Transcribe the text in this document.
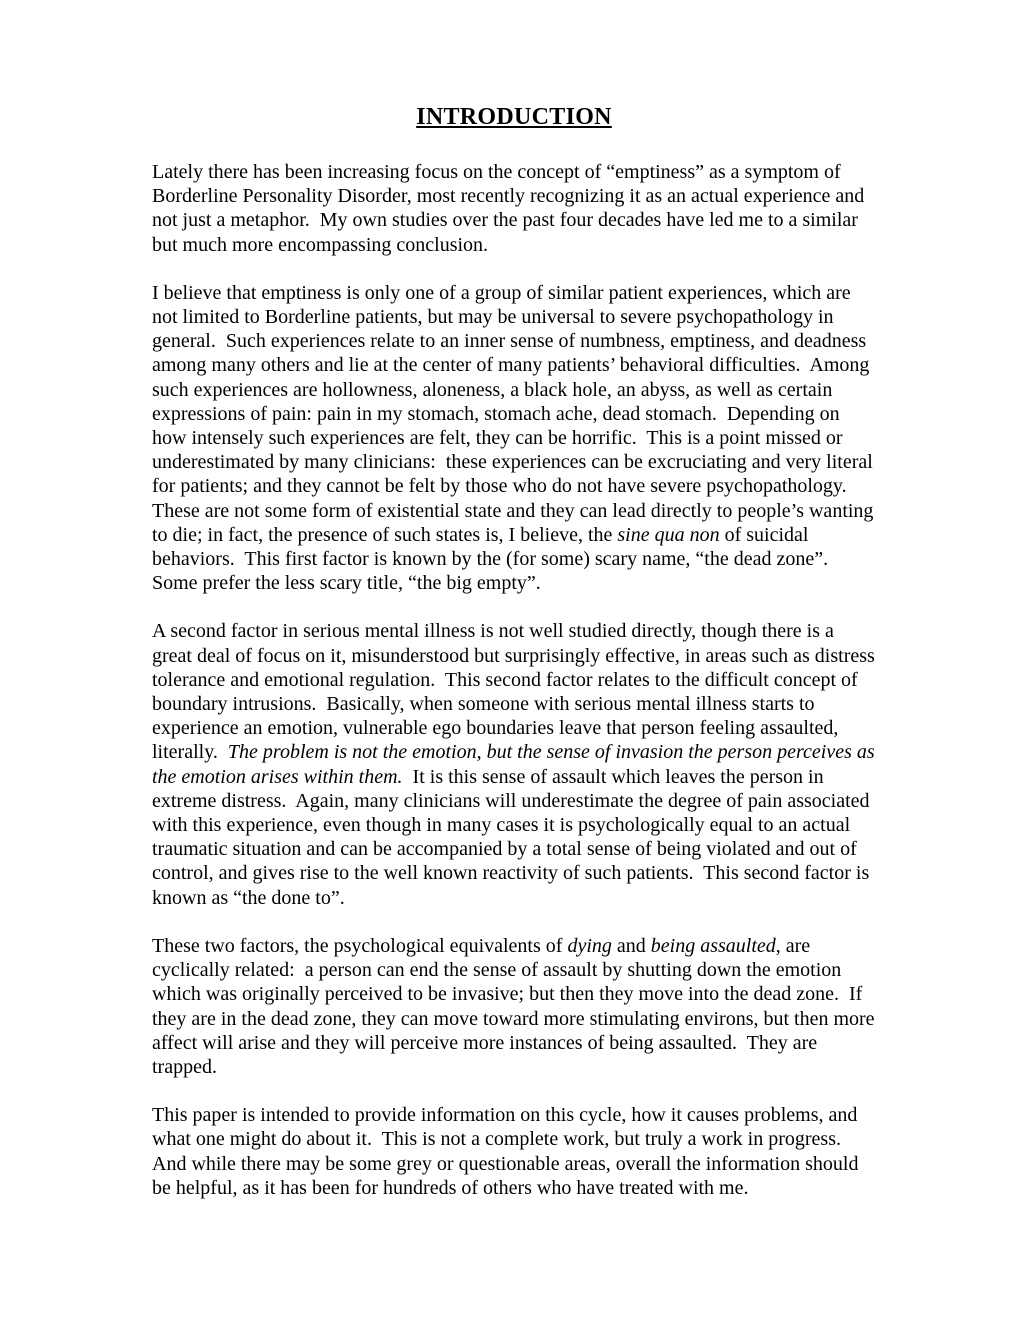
INTRODUCTION

Lately there has been increasing focus on the concept of “emptiness” as a symptom of Borderline Personality Disorder, most recently recognizing it as an actual experience and not just a metaphor.  My own studies over the past four decades have led me to a similar but much more encompassing conclusion.

I believe that emptiness is only one of a group of similar patient experiences, which are not limited to Borderline patients, but may be universal to severe psychopathology in general.  Such experiences relate to an inner sense of numbness, emptiness, and deadness among many others and lie at the center of many patients’ behavioral difficulties.  Among such experiences are hollowness, aloneness, a black hole, an abyss, as well as certain expressions of pain: pain in my stomach, stomach ache, dead stomach.  Depending on how intensely such experiences are felt, they can be horrific.  This is a point missed or underestimated by many clinicians:  these experiences can be excruciating and very literal for patients; and they cannot be felt by those who do not have severe psychopathology.  These are not some form of existential state and they can lead directly to people’s wanting to die; in fact, the presence of such states is, I believe, the sine qua non of suicidal behaviors.  This first factor is known by the (for some) scary name, “the dead zone”.  Some prefer the less scary title, “the big empty”.

A second factor in serious mental illness is not well studied directly, though there is a great deal of focus on it, misunderstood but surprisingly effective, in areas such as distress tolerance and emotional regulation.  This second factor relates to the difficult concept of boundary intrusions.  Basically, when someone with serious mental illness starts to experience an emotion, vulnerable ego boundaries leave that person feeling assaulted, literally.  The problem is not the emotion, but the sense of invasion the person perceives as the emotion arises within them.  It is this sense of assault which leaves the person in extreme distress.  Again, many clinicians will underestimate the degree of pain associated with this experience, even though in many cases it is psychologically equal to an actual traumatic situation and can be accompanied by a total sense of being violated and out of control, and gives rise to the well known reactivity of such patients.  This second factor is known as “the done to”.

These two factors, the psychological equivalents of dying and being assaulted, are cyclically related:  a person can end the sense of assault by shutting down the emotion which was originally perceived to be invasive; but then they move into the dead zone.  If they are in the dead zone, they can move toward more stimulating environs, but then more affect will arise and they will perceive more instances of being assaulted.  They are trapped.

This paper is intended to provide information on this cycle, how it causes problems, and what one might do about it.  This is not a complete work, but truly a work in progress.  And while there may be some grey or questionable areas, overall the information should be helpful, as it has been for hundreds of others who have treated with me.
